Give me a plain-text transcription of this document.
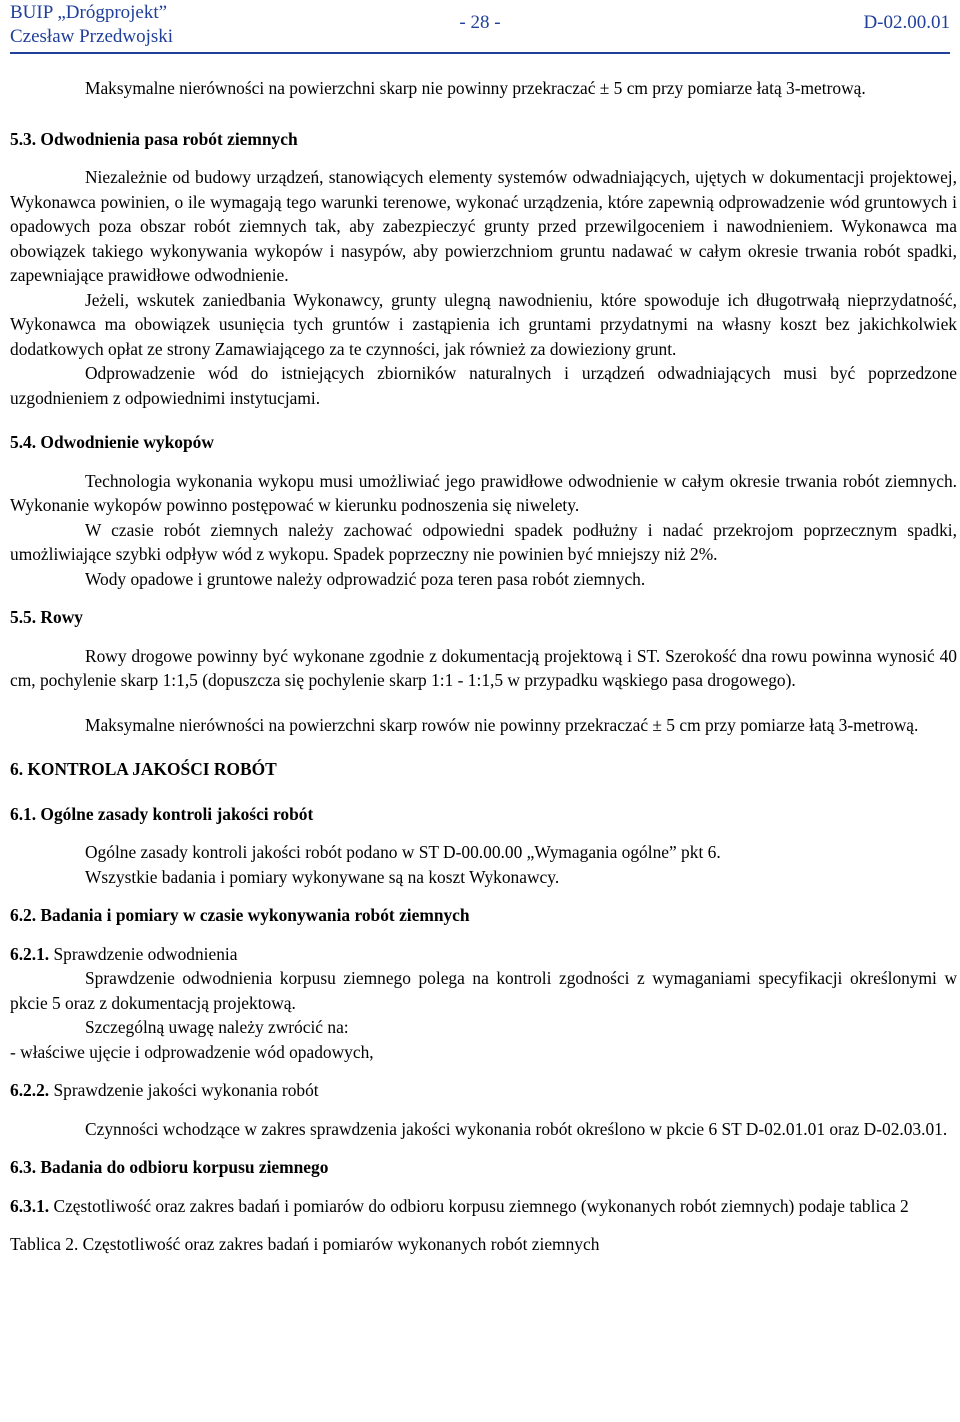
BUIP „Drógprojekt”
Czesław Przedwojski
- 28 -	D-02.00.01

Maksymalne nierówności na powierzchni skarp nie powinny przekraczać ± 5 cm przy pomiarze łatą 3-metrową.

5.3. Odwodnienia pasa robót ziemnych

Niezależnie od budowy urządzeń, stanowiących elementy systemów odwadniających, ujętych w dokumentacji projektowej, Wykonawca powinien, o ile wymagają tego warunki terenowe, wykonać urządzenia, które zapewnią odprowadzenie wód gruntowych i opadowych poza obszar robót ziemnych tak, aby zabezpieczyć grunty przed przewilgoceniem i nawodnieniem. Wykonawca ma obowiązek takiego wykonywania wykopów i nasypów, aby powierzchniom gruntu nadawać w całym okresie trwania robót spadki, zapewniające prawidłowe odwodnienie.

Jeżeli, wskutek zaniedbania Wykonawcy, grunty ulegną nawodnieniu, które spowoduje ich długotrwałą nieprzydatność, Wykonawca ma obowiązek usunięcia tych gruntów i zastąpienia ich gruntami przydatnymi na własny koszt bez jakichkolwiek dodatkowych opłat ze strony Zamawiającego za te czynności, jak również za dowieziony grunt.

Odprowadzenie wód do istniejących zbiorników naturalnych i urządzeń odwadniających musi być poprzedzone uzgodnieniem z odpowiednimi instytucjami.

5.4. Odwodnienie wykopów

Technologia wykonania wykopu musi umożliwiać jego prawidłowe odwodnienie w całym okresie trwania robót ziemnych. Wykonanie wykopów powinno postępować w kierunku podnoszenia się niwelety.

W czasie robót ziemnych należy zachować odpowiedni spadek podłużny i nadać przekrojom poprzecznym spadki, umożliwiające szybki odpływ wód z wykopu. Spadek poprzeczny nie powinien być mniejszy niż 2%.

Wody opadowe i gruntowe należy odprowadzić poza teren pasa robót ziemnych.

5.5. Rowy

Rowy drogowe powinny być wykonane zgodnie z dokumentacją projektową i ST. Szerokość dna rowu powinna wynosić 40 cm, pochylenie skarp 1:1,5 (dopuszcza się pochylenie skarp 1:1 - 1:1,5 w przypadku wąskiego pasa drogowego).

Maksymalne nierówności na powierzchni skarp rowów nie powinny przekraczać ± 5 cm przy pomiarze łatą 3-metrową.

6. KONTROLA JAKOŚCI ROBÓT

6.1. Ogólne zasady kontroli jakości robót

Ogólne zasady kontroli jakości robót podano w ST D-00.00.00 „Wymagania ogólne” pkt 6.

Wszystkie badania i pomiary wykonywane są na koszt Wykonawcy.

6.2. Badania i pomiary w czasie wykonywania robót ziemnych

6.2.1. Sprawdzenie odwodnienia

Sprawdzenie odwodnienia korpusu ziemnego polega na kontroli zgodności z wymaganiami specyfikacji określonymi w pkcie 5 oraz z dokumentacją projektową.

Szczególną uwagę należy zwrócić na:

- właściwe ujęcie i odprowadzenie wód opadowych,

6.2.2. Sprawdzenie jakości wykonania robót

Czynności wchodzące w zakres sprawdzenia jakości wykonania robót określono w pkcie 6 ST D-02.01.01 oraz D-02.03.01.

6.3. Badania do odbioru korpusu ziemnego

6.3.1. Częstotliwość oraz zakres badań i pomiarów do odbioru korpusu ziemnego (wykonanych robót ziemnych) podaje tablica 2

Tablica 2. Częstotliwość oraz zakres badań i pomiarów wykonanych robót ziemnych
